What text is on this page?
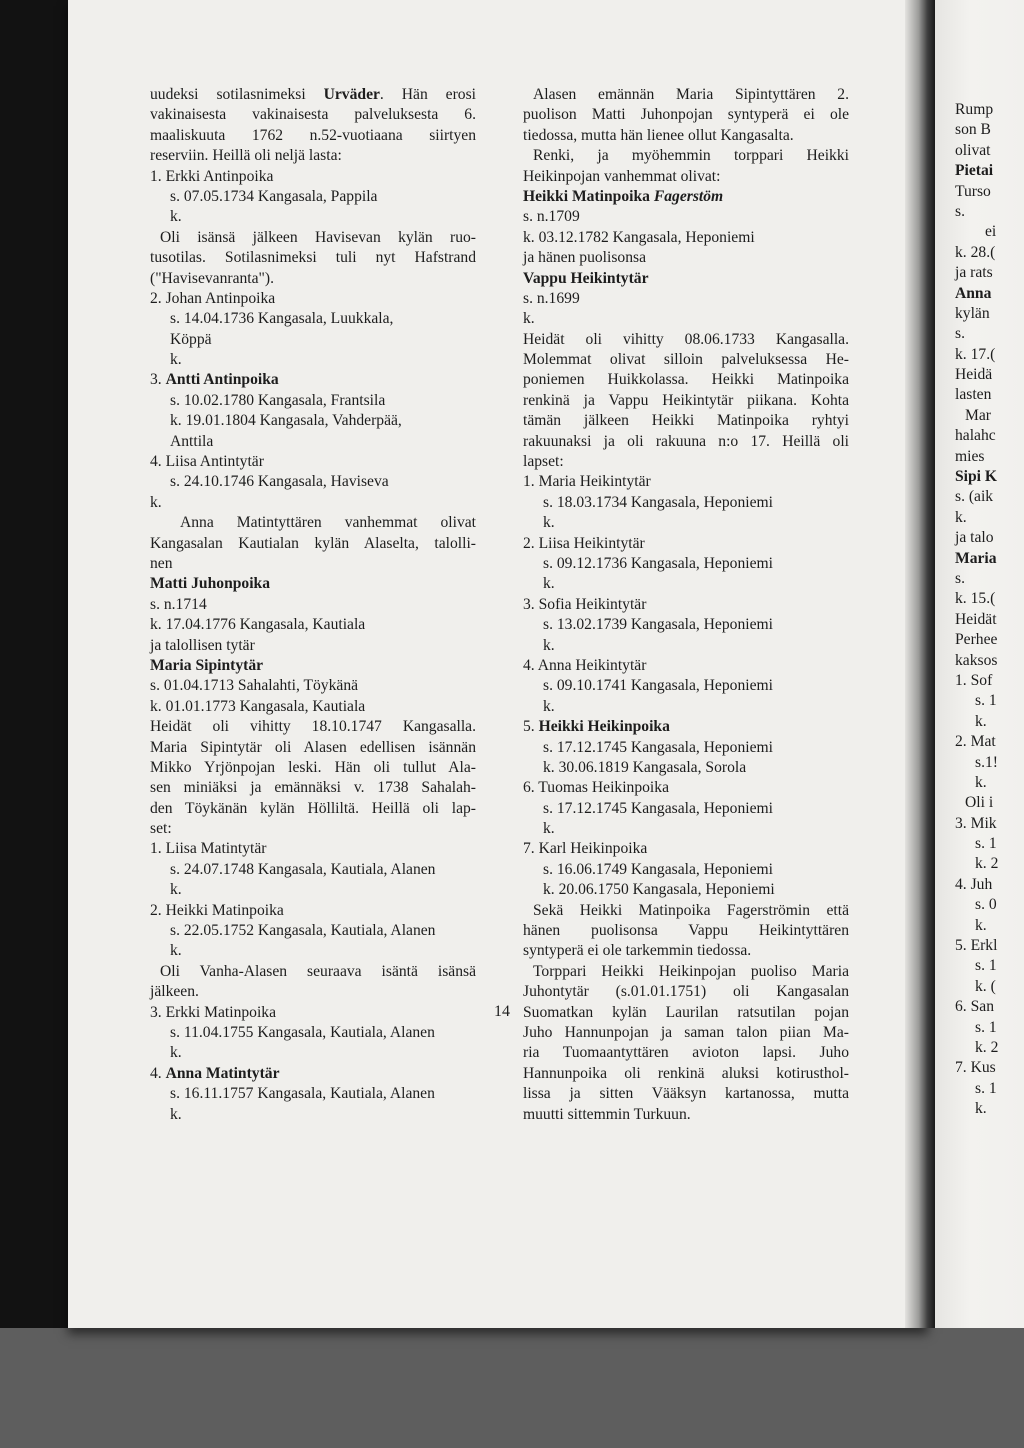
uudeksi sotilasnimeksi Urväder. Hän erosi
vakinaisesta vakinaisesta palveluksesta 6.
maaliskuuta 1762 n.52-vuotiaana siirtyen
reserviin. Heillä oli neljä lasta:
1. Erkki Antinpoika
s. 07.05.1734 Kangasala, Pappila
k.
Oli isänsä jälkeen Havisevan kylän ruo-
tusotilas. Sotilasnimeksi tuli nyt Hafstrand
("Havisevanranta").
2. Johan Antinpoika
s. 14.04.1736 Kangasala, Luukkala,
Köppä
k.
3. Antti Antinpoika
s. 10.02.1780 Kangasala, Frantsila
k. 19.01.1804 Kangasala, Vahderpää,
Anttila
4. Liisa Antintytär
s. 24.10.1746 Kangasala, Haviseva
k.
Anna Matintyttären vanhemmat olivat
Kangasalan Kautialan kylän Alaselta, talolli-
nen
Matti Juhonpoika
s. n.1714
k. 17.04.1776 Kangasala, Kautiala
ja talollisen tytär
Maria Sipintytär
s. 01.04.1713 Sahalahti, Töykänä
k. 01.01.1773 Kangasala, Kautiala
Heidät oli vihitty 18.10.1747 Kangasalla.
Maria Sipintytär oli Alasen edellisen isännän
Mikko Yrjönpojan leski. Hän oli tullut Ala-
sen miniäksi ja emännäksi v. 1738 Sahalah-
den Töykänän kylän Hölliltä. Heillä oli lap-
set:
1. Liisa Matintytär
s. 24.07.1748 Kangasala, Kautiala, Alanen
k.
2. Heikki Matinpoika
s. 22.05.1752 Kangasala, Kautiala, Alanen
k.
Oli Vanha-Alasen seuraava isäntä isänsä
jälkeen.
3. Erkki Matinpoika
s. 11.04.1755 Kangasala, Kautiala, Alanen
k.
4. Anna Matintytär
s. 16.11.1757 Kangasala, Kautiala, Alanen
k.
Alasen emännän Maria Sipintyttären 2.
puolison Matti Juhonpojan syntyperä ei ole
tiedossa, mutta hän lienee ollut Kangasalta.
Renki, ja myöhemmin torppari Heikki
Heikinpojan vanhemmat olivat:
Heikki Matinpoika Fagerstöm
s. n.1709
k. 03.12.1782 Kangasala, Heponiemi
ja hänen puolisonsa
Vappu Heikintytär
s. n.1699
k.
Heidät oli vihitty 08.06.1733 Kangasalla.
Molemmat olivat silloin palveluksessa He-
poniemen Huikkolassa. Heikki Matinpoika
renkinä ja Vappu Heikintytär piikana. Kohta
tämän jälkeen Heikki Matinpoika ryhtyi
rakuunaksi ja oli rakuuna n:o 17. Heillä oli
lapset:
1. Maria Heikintytär
s. 18.03.1734 Kangasala, Heponiemi
k.
2. Liisa Heikintytär
s. 09.12.1736 Kangasala, Heponiemi
k.
3. Sofia Heikintytär
s. 13.02.1739 Kangasala, Heponiemi
k.
4. Anna Heikintytär
s. 09.10.1741 Kangasala, Heponiemi
k.
5. Heikki Heikinpoika
s. 17.12.1745 Kangasala, Heponiemi
k. 30.06.1819 Kangasala, Sorola
6. Tuomas Heikinpoika
s. 17.12.1745 Kangasala, Heponiemi
k.
7. Karl Heikinpoika
s. 16.06.1749 Kangasala, Heponiemi
k. 20.06.1750 Kangasala, Heponiemi
Sekä Heikki Matinpoika Fagerströmin että
hänen puolisonsa Vappu Heikintyttären
syntyperä ei ole tarkemmin tiedossa.
Torppari Heikki Heikinpojan puoliso Maria
Juhontytär (s.01.01.1751) oli Kangasalan
Suomatkan kylän Laurilan ratsutilan pojan
Juho Hannunpojan ja saman talon piian Ma-
ria Tuomaantyttären avioton lapsi. Juho
Hannunpoika oli renkinä aluksi kotirusthol-
lissa ja sitten Vääksyn kartanossa, mutta
muutti sittemmin Turkuun.
14
Rump
son B
olivat
Pietai
Turso
s.
ei
k. 28.(
ja rats
Anna
kylän
s.
k. 17.(
Heidä
lasten
Mar
halahc
mies
Sipi K
s. (aik
k.
ja talo
Maria
s.
k. 15.(
Heidät
Perhee
kaksos
1. Sof
s. 1
k.
2. Mat
s.1!
k.
Oli i
3. Mik
s. 1
k. 2
4. Juh
s. 0
k.
5. Erkl
s. 1
k. (
6. San
s. 1
k. 2
7. Kus
s. 1
k.
